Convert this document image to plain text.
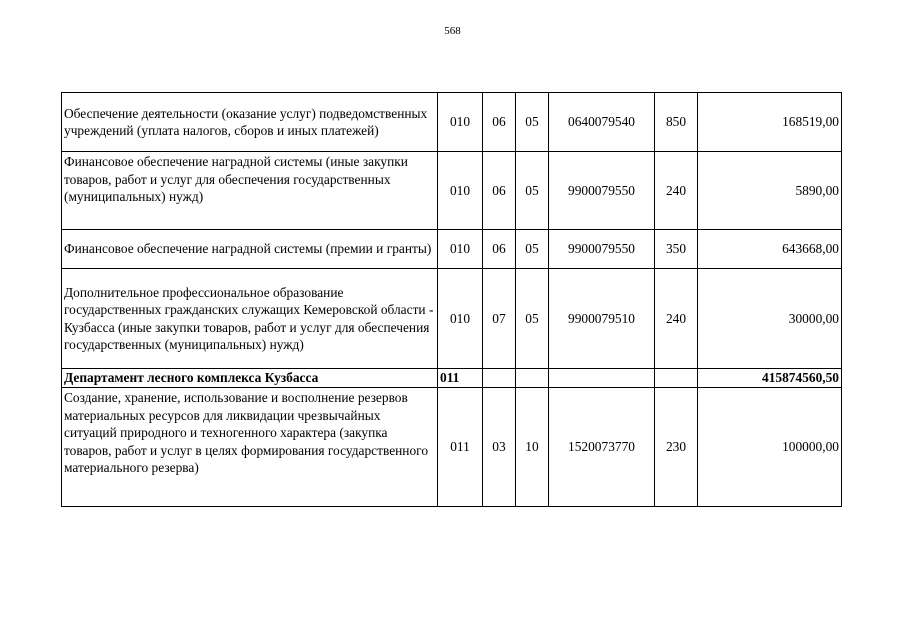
568
Обеспечение деятельности (оказание услуг) подведомственных учреждений (уплата налогов, сборов и иных платежей)	010	06	05	0640079540	850	168519,00
Финансовое обеспечение наградной системы (иные закупки товаров, работ и услуг для обеспечения государственных (муниципальных) нужд)	010	06	05	9900079550	240	5890,00
Финансовое обеспечение наградной системы (премии и гранты)	010	06	05	9900079550	350	643668,00
Дополнительное профессиональное образование государственных гражданских служащих Кемеровской области - Кузбасса (иные закупки товаров, работ и услуг для обеспечения государственных (муниципальных) нужд)	010	07	05	9900079510	240	30000,00
Департамент лесного комплекса Кузбасса	011					415874560,50
Создание, хранение, использование и восполнение резервов материальных ресурсов для ликвидации чрезвычайных ситуаций природного и техногенного характера (закупка товаров, работ и услуг в целях формирования государственного материального резерва)	011	03	10	1520073770	230	100000,00
